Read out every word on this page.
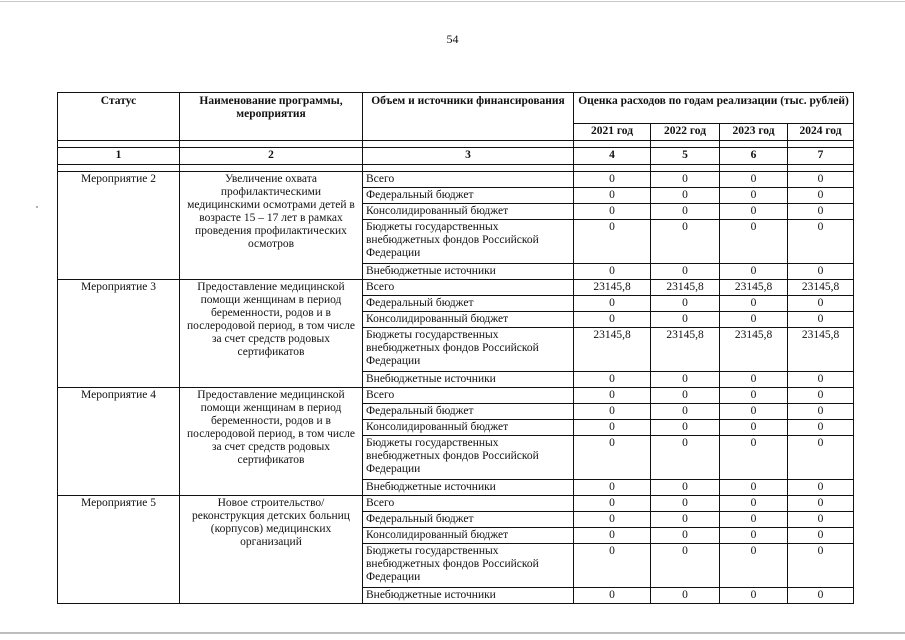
54
Статус	Наименование программы, мероприятия	Объем и источники финансирования	Оценка расходов по годам реализации (тыс. рублей)			
			2021 год	2022 год	2023 год	2024 год

1	2	3	4	5	6	7

Мероприятие 2	Увеличение охвата профилактическими медицинскими осмотрами детей в возрасте 15 – 17 лет в рамках проведения профилактических осмотров	Всего	0	0	0	0
		Федеральный бюджет	0	0	0	0
		Консолидированный бюджет	0	0	0	0
		Бюджеты государственных внебюджетных фондов Российской Федерации	0	0	0	0
		Внебюджетные источники	0	0	0	0
Мероприятие 3	Предоставление медицинской помощи женщинам в период беременности, родов и в послеродовой период, в том числе за счет средств родовых сертификатов	Всего	23145,8	23145,8	23145,8	23145,8
		Федеральный бюджет	0	0	0	0
		Консолидированный бюджет	0	0	0	0
		Бюджеты государственных внебюджетных фондов Российской Федерации	23145,8	23145,8	23145,8	23145,8
		Внебюджетные источники	0	0	0	0
Мероприятие 4	Предоставление медицинской помощи женщинам в период беременности, родов и в послеродовой период, в том числе за счет средств родовых сертификатов	Всего	0	0	0	0
		Федеральный бюджет	0	0	0	0
		Консолидированный бюджет	0	0	0	0
		Бюджеты государственных внебюджетных фондов Российской Федерации	0	0	0	0
		Внебюджетные источники	0	0	0	0
Мероприятие 5	Новое строительство/реконструкция детских больниц (корпусов) медицинских организаций	Всего	0	0	0	0
		Федеральный бюджет	0	0	0	0
		Консолидированный бюджет	0	0	0	0
		Бюджеты государственных внебюджетных фондов Российской Федерации	0	0	0	0
		Внебюджетные источники	0	0	0	0
